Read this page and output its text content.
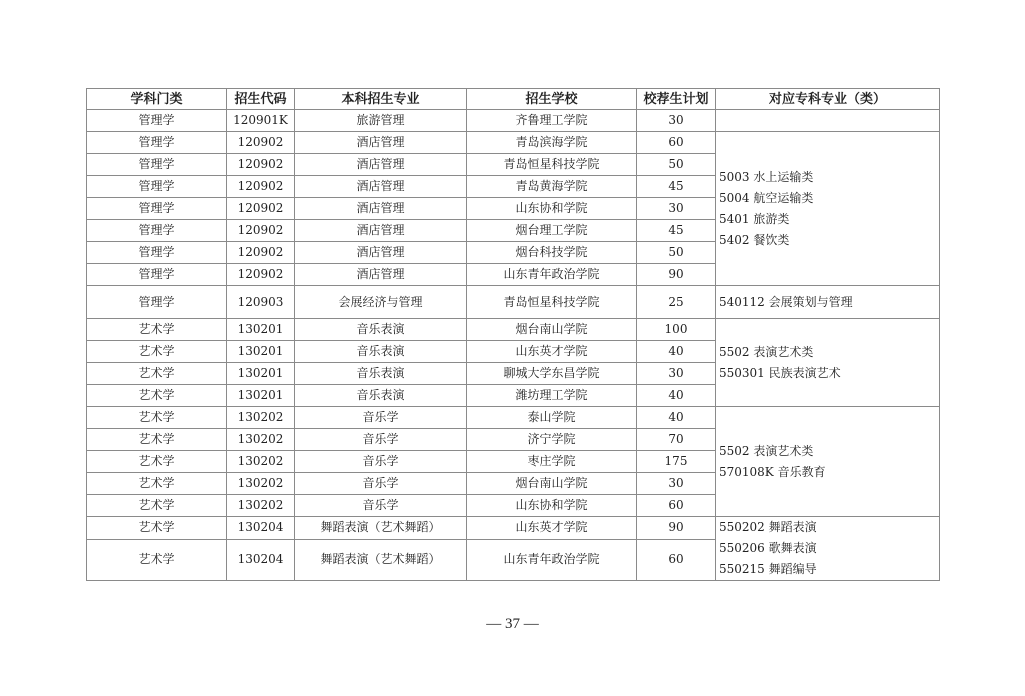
学科门类	招生代码	本科招生专业	招生学校	校荐生计划	对应专科专业（类）
管理学	120901K	旅游管理	齐鲁理工学院	30	
管理学	120902	酒店管理	青岛滨海学院	60	5003 水上运输类
5004 航空运输类
5401 旅游类
5402 餐饮类

管理学	120902	酒店管理	青岛恒星科技学院	50	
管理学	120902	酒店管理	青岛黄海学院	45	
管理学	120902	酒店管理	山东协和学院	30	
管理学	120902	酒店管理	烟台理工学院	45	
管理学	120902	酒店管理	烟台科技学院	50	
管理学	120902	酒店管理	山东青年政治学院	90	
管理学	120903	会展经济与管理	青岛恒星科技学院	25	540112 会展策划与管理

艺术学	130201	音乐表演	烟台南山学院	100	5502 表演艺术类
550301 民族表演艺术

艺术学	130201	音乐表演	山东英才学院	40	
艺术学	130201	音乐表演	聊城大学东昌学院	30	
艺术学	130201	音乐表演	潍坊理工学院	40	
艺术学	130202	音乐学	泰山学院	40	5502 表演艺术类
570108K 音乐教育

艺术学	130202	音乐学	济宁学院	70	
艺术学	130202	音乐学	枣庄学院	175	
艺术学	130202	音乐学	烟台南山学院	30	
艺术学	130202	音乐学	山东协和学院	60	
艺术学	130204	舞蹈表演（艺术舞蹈）	山东英才学院	90	550202 舞蹈表演
550206 歌舞表演
550215 舞蹈编导

艺术学	130204	舞蹈表演（艺术舞蹈）	山东青年政治学院	60	
— 37 —
